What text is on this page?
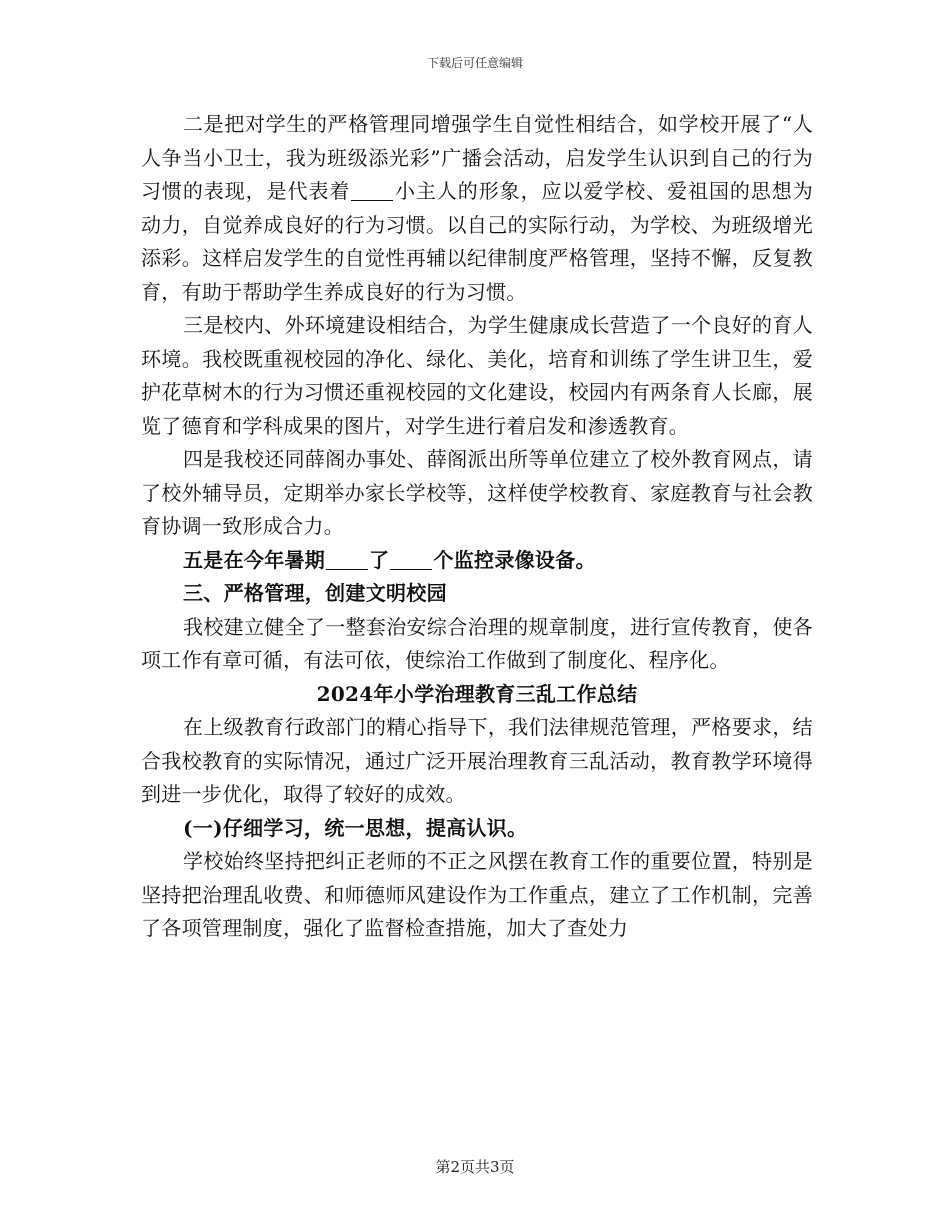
下载后可任意编辑

二是把对学生的严格管理同增强学生自觉性相结合，如学校开展了“人人争当小卫士，我为班级添光彩”广播会活动，启发学生认识到自己的行为习惯的表现，是代表着 小主人的形象，应以爱学校、爱祖国的思想为动力，自觉养成良好的行为习惯。以自己的实际行动，为学校、为班级增光添彩。这样启发学生的自觉性再辅以纪律制度严格管理，坚持不懈，反复教育，有助于帮助学生养成良好的行为习惯。

三是校内、外环境建设相结合，为学生健康成长营造了一个良好的育人环境。我校既重视校园的净化、绿化、美化，培育和训练了学生讲卫生，爱护花草树木的行为习惯还重视校园的文化建设，校园内有两条育人长廊，展览了德育和学科成果的图片，对学生进行着启发和渗透教育。

四是我校还同薛阁办事处、薛阁派出所等单位建立了校外教育网点，请了校外辅导员，定期举办家长学校等，这样使学校教育、家庭教育与社会教育协调一致形成合力。

五是在今年暑期 了 个监控录像设备。

三、严格管理，创建文明校园

我校建立健全了一整套治安综合治理的规章制度，进行宣传教育，使各项工作有章可循，有法可依，使综治工作做到了制度化、程序化。

2024年小学治理教育三乱工作总结

在上级教育行政部门的精心指导下，我们法律规范管理，严格要求，结合我校教育的实际情况，通过广泛开展治理教育三乱活动，教育教学环境得到进一步优化，取得了较好的成效。

(一)仔细学习，统一思想，提高认识。

学校始终坚持把纠正老师的不正之风摆在教育工作的重要位置，特别是坚持把治理乱收费、和师德师风建设作为工作重点，建立了工作机制，完善了各项管理制度，强化了监督检查措施，加大了查处力

第2页共3页
